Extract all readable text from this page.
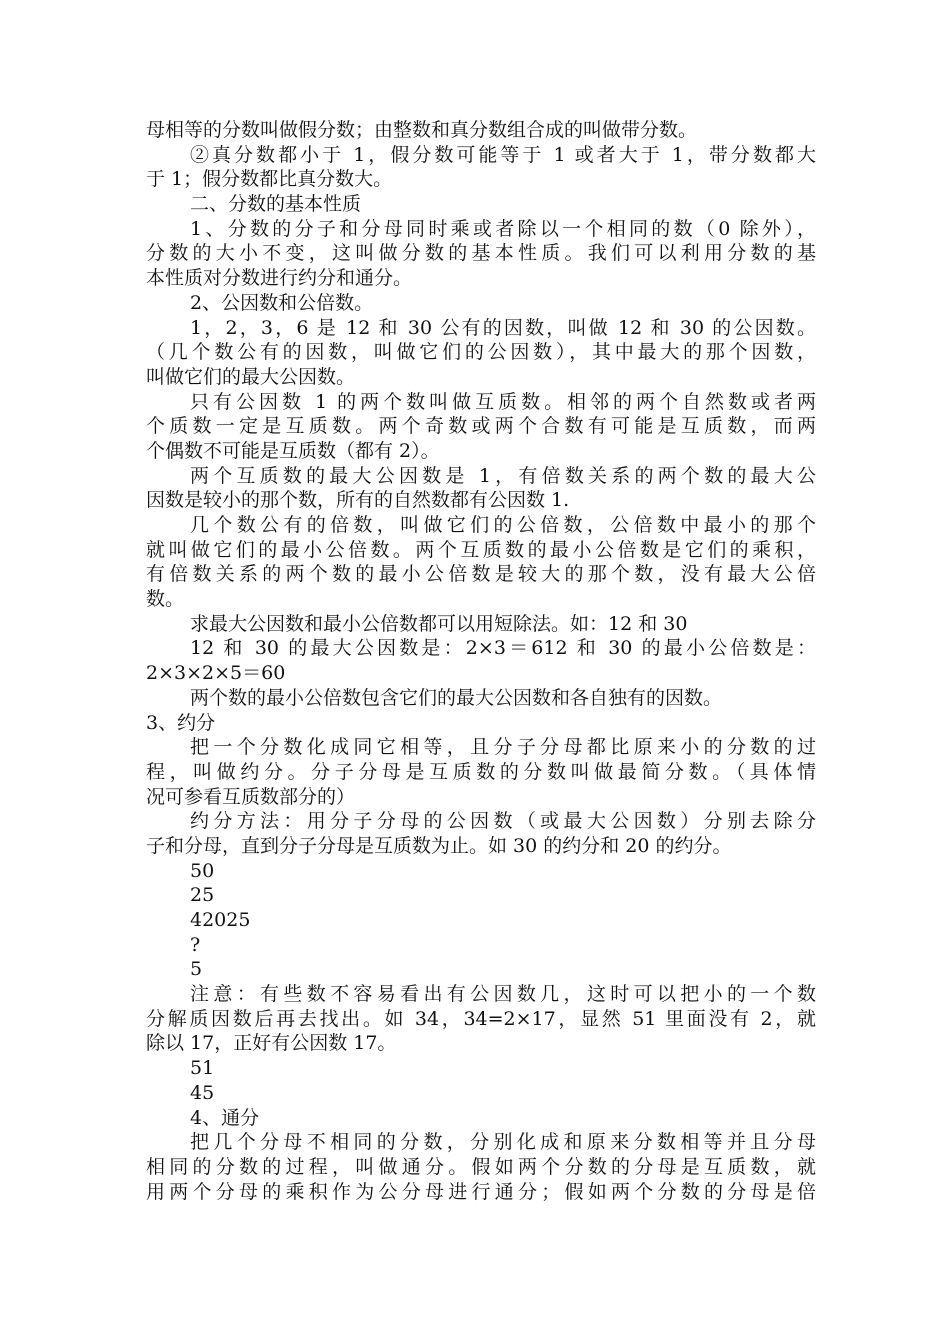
母相等的分数叫做假分数；由整数和真分数组合成的叫做带分数。
②真分数都小于 1，假分数可能等于 1 或者大于 1，带分数都大
于 1；假分数都比真分数大。
二、分数的基本性质
1、分数的分子和分母同时乘或者除以一个相同的数（0 除外），
分数的大小不变，这叫做分数的基本性质。我们可以利用分数的基
本性质对分数进行约分和通分。
2、公因数和公倍数。
1，2，3，6 是 12 和 30 公有的因数，叫做 12 和 30 的公因数。
（几个数公有的因数，叫做它们的公因数），其中最大的那个因数，
叫做它们的最大公因数。
只有公因数 1 的两个数叫做互质数。相邻的两个自然数或者两
个质数一定是互质数。两个奇数或两个合数有可能是互质数，而两
个偶数不可能是互质数（都有 2）。
两个互质数的最大公因数是 1，有倍数关系的两个数的最大公
因数是较小的那个数，所有的自然数都有公因数 1.
几个数公有的倍数，叫做它们的公倍数，公倍数中最小的那个
就叫做它们的最小公倍数。两个互质数的最小公倍数是它们的乘积，
有倍数关系的两个数的最小公倍数是较大的那个数，没有最大公倍
数。
求最大公因数和最小公倍数都可以用短除法。如：12 和 30
12 和 30 的最大公因数是：2×3＝612 和 30 的最小公倍数是：
2×3×2×5＝60
两个数的最小公倍数包含它们的最大公因数和各自独有的因数。
3、约分
把一个分数化成同它相等，且分子分母都比原来小的分数的过
程，叫做约分。分子分母是互质数的分数叫做最简分数。（具体情
况可参看互质数部分的）
约分方法：用分子分母的公因数（或最大公因数）分别去除分
子和分母，直到分子分母是互质数为止。如 30 的约分和 20 的约分。
50
25
42025
?
5
注意：有些数不容易看出有公因数几，这时可以把小的一个数
分解质因数后再去找出。如 34，34=2×17，显然 51 里面没有 2，就
除以 17，正好有公因数 17。
51
45
4、通分
把几个分母不相同的分数，分别化成和原来分数相等并且分母
相同的分数的过程，叫做通分。假如两个分数的分母是互质数，就
用两个分母的乘积作为公分母进行通分；假如两个分数的分母是倍
